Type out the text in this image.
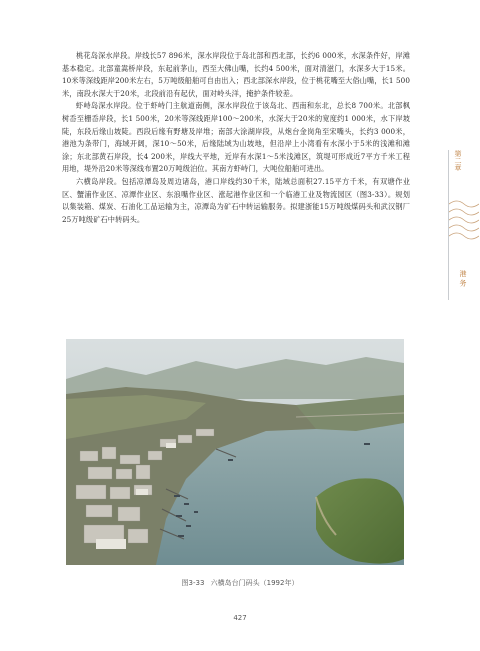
桃花岛深水岸段。岸线长57 896米，深水岸段位于岛北部和西北部，长约6 000米，水深条件好，岸滩基本稳定。北部童嵩桥岸段，东起前茅山，西至大佛山嘴，长约4 500米，面对清滋门，水深多大于15米。10米等深线距岸200米左右，5万吨级船舶可自由出入；西北部深水岸段，位于桃花嘴至大俗山嘴，长1 500米，南段水深大于20米，北段前沿有起伏，面对岭头洋，掩护条件较差。

虾峙岛深水岸段。位于虾峙门主航道南侧，深水岸段位于该岛北、西南和东北，总长8 700米。北部枫树岙至栅岙岸段，长1 500米，20米等深线距岸100～200米，水深大于20米的宽度约1 000米，水下岸坡陡，东段后缘山坡陡。西段后缘有野塘及岸堆；南部大涂湖岸段，从炮台金岗角至宋嘴头，长约3 000米，港池为条带门，海域开阔，深10～50米，后缘陆域为山坡地，但沿岸上小湾看有水深小于5米的浅滩和滩涂；东北部黄石岸段，长4 200米，岸线大平地，近岸有水深1～5米浅滩区，筑堤可形成近7平方千米工程用地，堤外沿20米等深线布置20万吨级泊位。其南方虾峙门，大吨位船舶可进出。

六横岛岸段。包括凉潭岛及周边诸岛，港口岸线约30千米，陆域总面积27.15平方千米，有双塘作业区、蟹浦作业区、凉潭作业区、东浪嘴作业区、涨起港作业区和一个临港工业及物流园区（图3-33）。规划以集装箱、煤炭、石油化工品运输为主，凉潭岛为矿石中转运输服务。拟建浙能15万吨级煤码头和武汉钢厂25万吨级矿石中转码头。

第二章
港 务
图3-33 六横岛台门码头（1992年）
427
